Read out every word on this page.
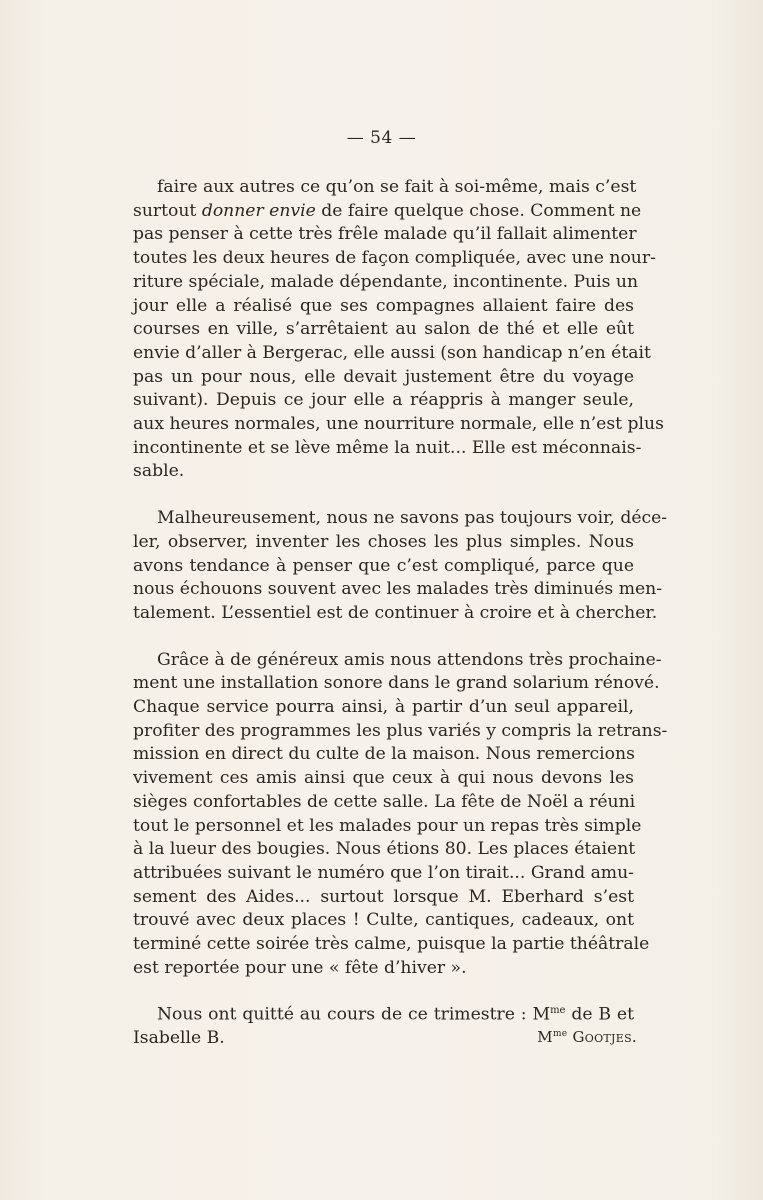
— 54 —
faire aux autres ce qu’on se fait à soi-même, mais c’est
surtout donner envie de faire quelque chose. Comment ne
pas penser à cette très frêle malade qu’il fallait alimenter
toutes les deux heures de façon compliquée, avec une nour-
riture spéciale, malade dépendante, incontinente. Puis un
jour elle a réalisé que ses compagnes allaient faire des
courses en ville, s’arrêtaient au salon de thé et elle eût
envie d’aller à Bergerac, elle aussi (son handicap n’en était
pas un pour nous, elle devait justement être du voyage
suivant). Depuis ce jour elle a réappris à manger seule,
aux heures normales, une nourriture normale, elle n’est plus
incontinente et se lève même la nuit... Elle est méconnais-
sable.
Malheureusement, nous ne savons pas toujours voir, déce-
ler, observer, inventer les choses les plus simples. Nous
avons tendance à penser que c’est compliqué, parce que
nous échouons souvent avec les malades très diminués men-
talement. L’essentiel est de continuer à croire et à chercher.
Grâce à de généreux amis nous attendons très prochaine-
ment une installation sonore dans le grand solarium rénové.
Chaque service pourra ainsi, à partir d’un seul appareil,
profiter des programmes les plus variés y compris la retrans-
mission en direct du culte de la maison. Nous remercions
vivement ces amis ainsi que ceux à qui nous devons les
sièges confortables de cette salle. La fête de Noël a réuni
tout le personnel et les malades pour un repas très simple
à la lueur des bougies. Nous étions 80. Les places étaient
attribuées suivant le numéro que l’on tirait... Grand amu-
sement des Aides... surtout lorsque M. Eberhard s’est
trouvé avec deux places ! Culte, cantiques, cadeaux, ont
terminé cette soirée très calme, puisque la partie théâtrale
est reportée pour une « fête d’hiver ».
Nous ont quitté au cours de ce trimestre : $M^{me}$ de B et
Isabelle B.	$M^{me}$ Gootjes.
